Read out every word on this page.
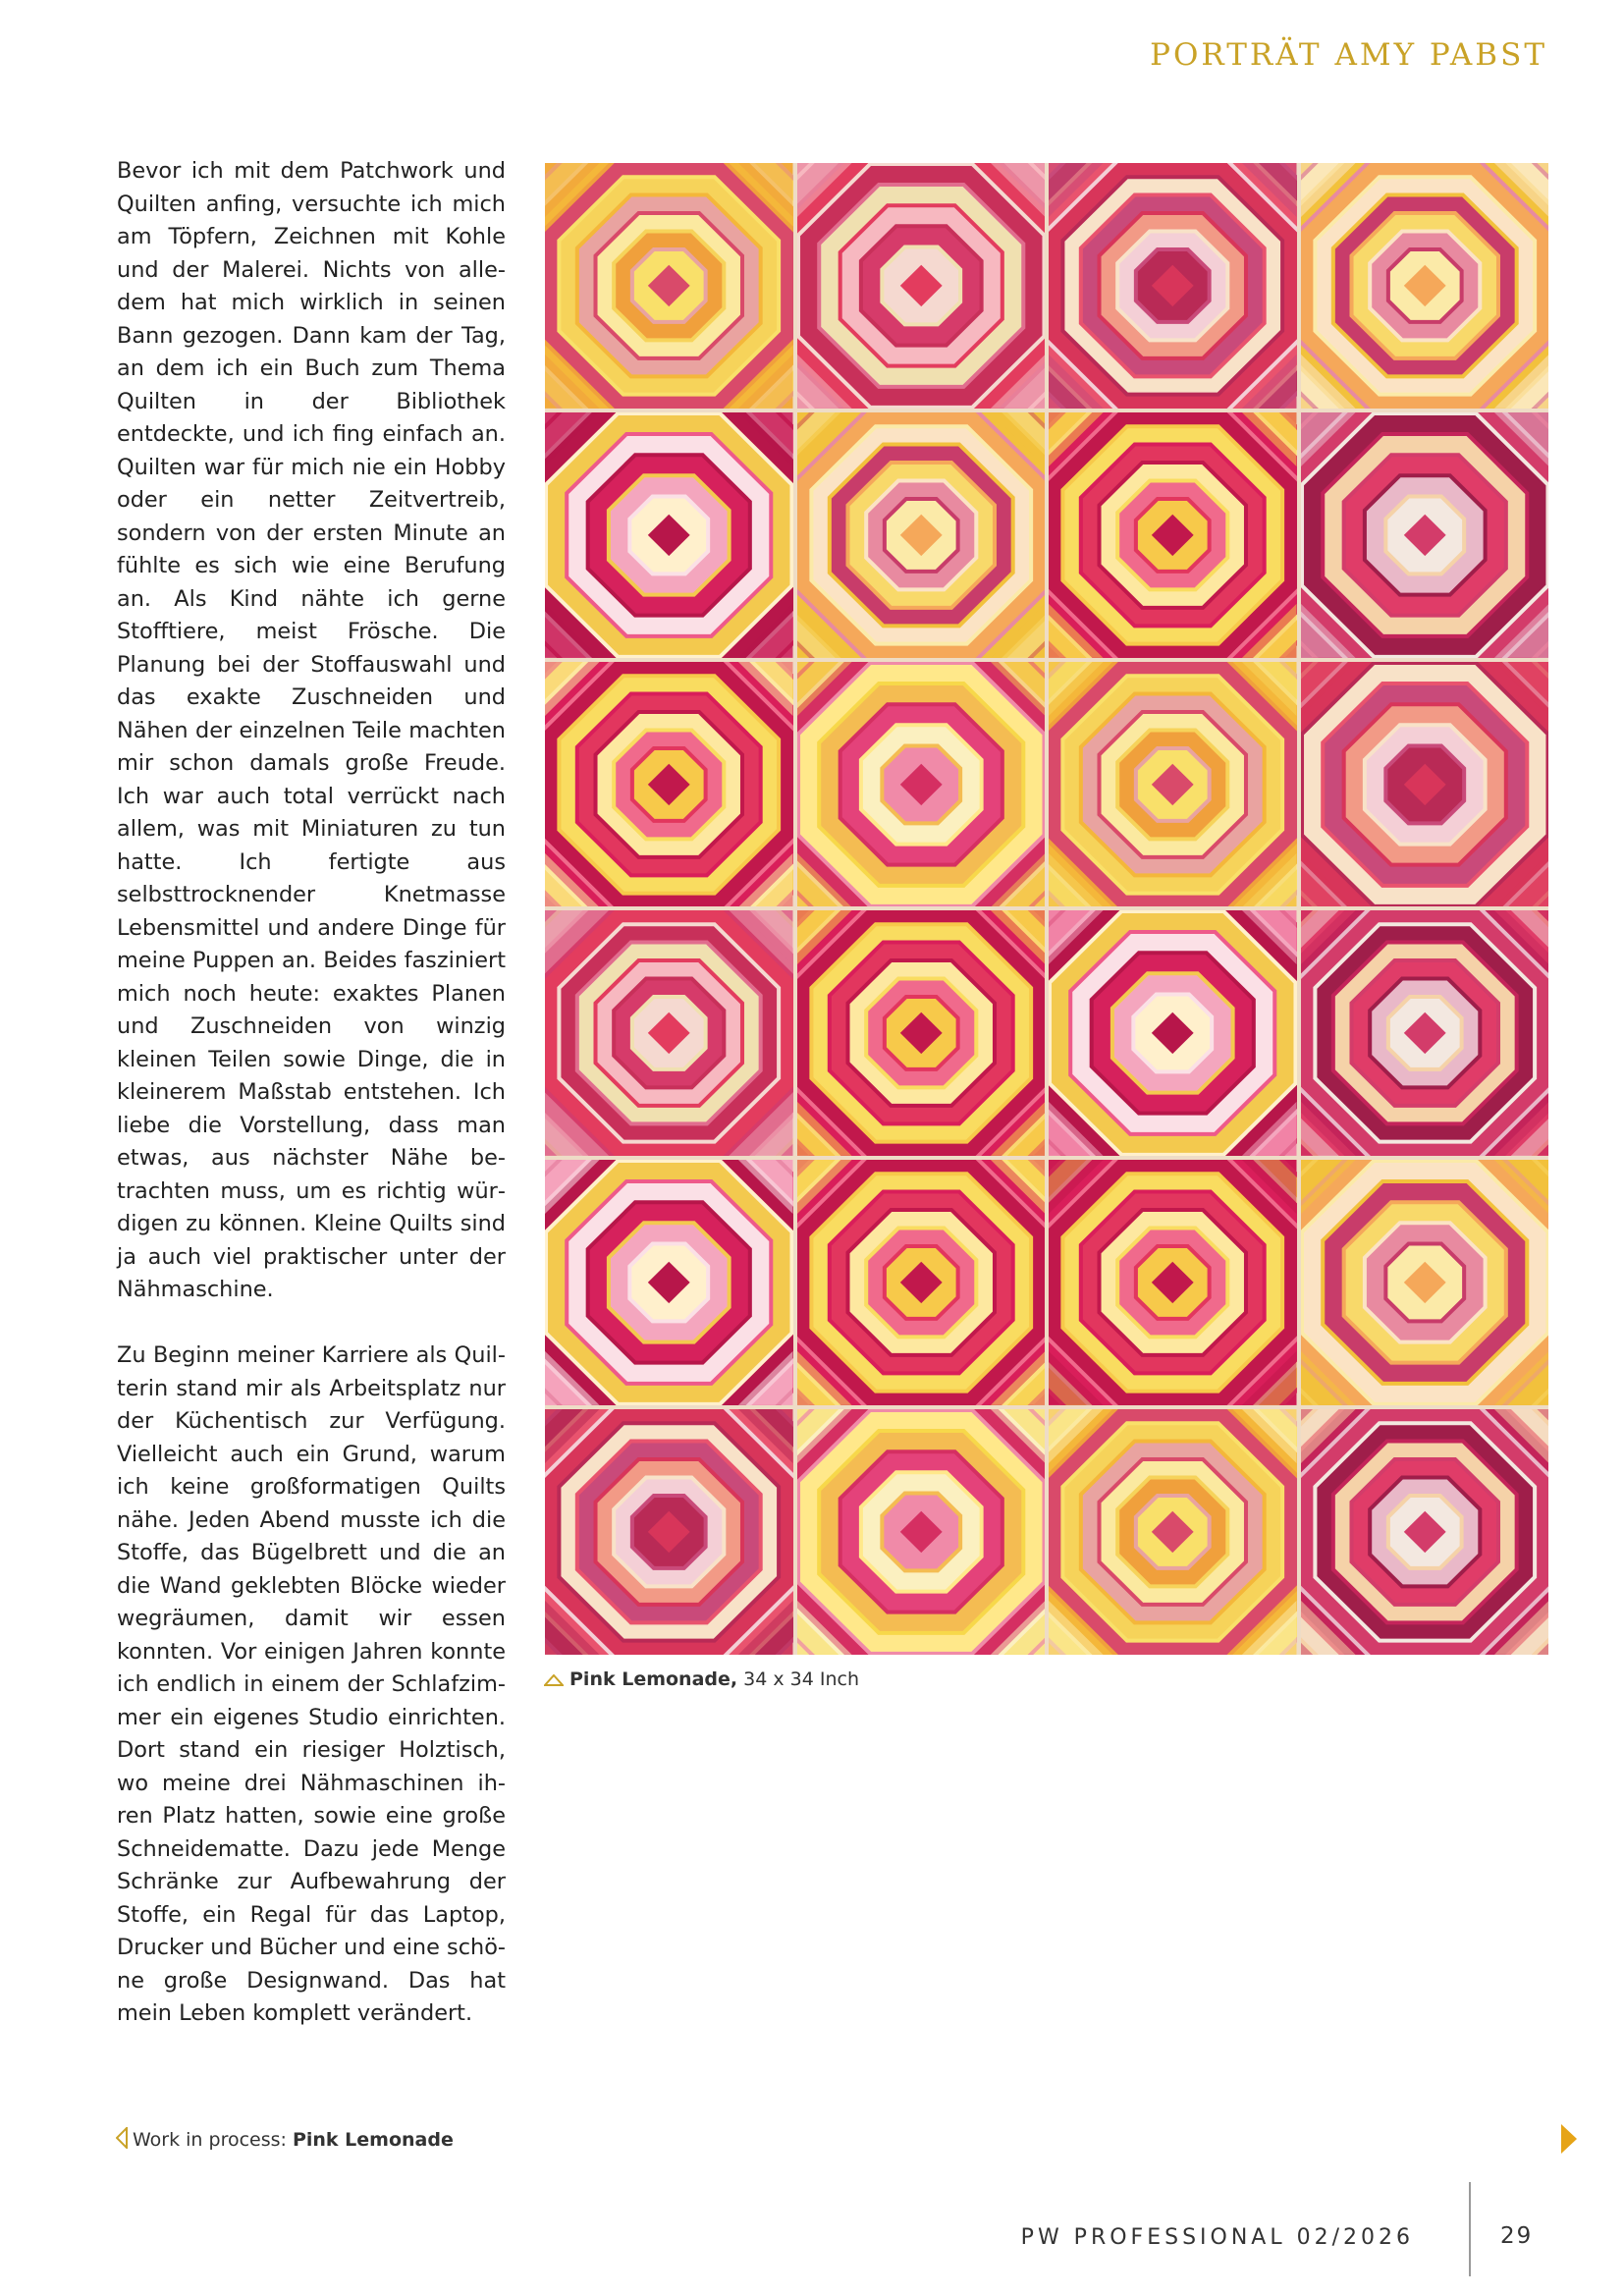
PORTRÄT AMY PABST

Bevor ich mit dem Patchwork und Quilten anfing, versuchte ich mich am Töpfern, Zeichnen mit Kohle und der Malerei. Nichts von alledem hat mich wirklich in seinen Bann gezogen. Dann kam der Tag, an dem ich ein Buch zum Thema Quilten in der Bibliothek entdeckte, und ich fing einfach an. Quilten war für mich nie ein Hobby oder ein netter Zeitvertreib, sondern von der ersten Minute an fühlte es sich wie eine Berufung an. Als Kind nähte ich gerne Stofftiere, meist Frösche. Die Planung bei der Stoffauswahl und das exakte Zuschneiden und Nähen der einzelnen Teile machten mir schon damals große Freude. Ich war auch total verrückt nach allem, was mit Miniaturen zu tun hatte. Ich fertigte aus selbsttrocknender Knetmasse Lebensmittel und andere Dinge für meine Puppen an. Beides fasziniert mich noch heute: exaktes Planen und Zuschneiden von winzig kleinen Teilen sowie Dinge, die in kleinerem Maßstab entstehen. Ich liebe die Vorstellung, dass man etwas, aus nächster Nähe betrachten muss, um es richtig würdigen zu können. Kleine Quilts sind ja auch viel praktischer unter der Nähmaschine.

Zu Beginn meiner Karriere als Quilterin stand mir als Arbeitsplatz nur der Küchentisch zur Verfügung. Vielleicht auch ein Grund, warum ich keine großformatigen Quilts nähe. Jeden Abend musste ich die Stoffe, das Bügelbrett und die an die Wand geklebten Blöcke wieder wegräumen, damit wir essen konnten. Vor einigen Jahren konnte ich endlich in einem der Schlafzimmer ein eigenes Studio einrichten. Dort stand ein riesiger Holztisch, wo meine drei Nähmaschinen ihren Platz hatten, sowie eine große Schneidematte. Dazu jede Menge Schränke zur Aufbewahrung der Stoffe, ein Regal für das Laptop, Drucker und Bücher und eine schöne große Designwand. Das hat mein Leben komplett verändert.

Pink Lemonade, 34 x 34 Inch
Work in process: Pink Lemonade
PW PROFESSIONAL 02/2026	29
